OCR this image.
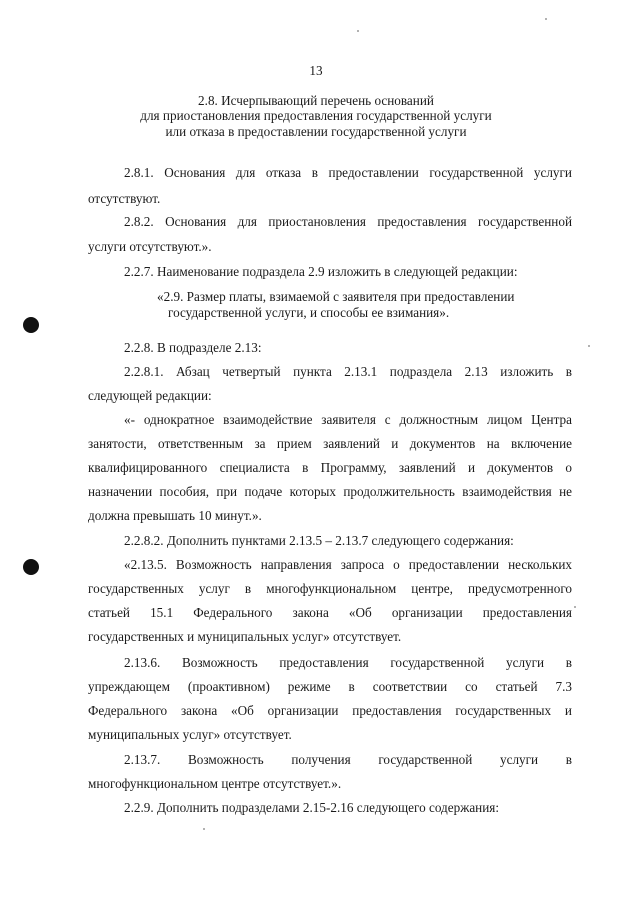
13
2.8. Исчерпывающий перечень оснований
для приостановления предоставления государственной услуги
или отказа в предоставлении государственной услуги
2.8.1. Основания для отказа в предоставлении государственной услуги
отсутствуют.
2.8.2. Основания для приостановления предоставления государственной
услуги отсутствуют.».
2.2.7. Наименование подраздела 2.9 изложить в следующей редакции:
«2.9. Размер платы, взимаемой с заявителя при предоставлении
государственной услуги, и способы ее взимания».
2.2.8. В подразделе 2.13:
2.2.8.1. Абзац четвертый пункта 2.13.1 подраздела 2.13 изложить в
следующей редакции:
«- однократное взаимодействие заявителя с должностным лицом Центра
занятости, ответственным за прием заявлений и документов на включение
квалифицированного специалиста в Программу, заявлений и документов о
назначении пособия, при подаче которых продолжительность взаимодействия не
должна превышать 10 минут.».
2.2.8.2. Дополнить пунктами 2.13.5 – 2.13.7 следующего содержания:
«2.13.5. Возможность направления запроса о предоставлении нескольких
государственных услуг в многофункциональном центре, предусмотренного
статьей 15.1 Федерального закона «Об организации предоставления
государственных и муниципальных услуг» отсутствует.
2.13.6. Возможность предоставления государственной услуги в
упреждающем (проактивном) режиме в соответствии со статьей 7.3
Федерального закона «Об организации предоставления государственных и
муниципальных услуг» отсутствует.
2.13.7. Возможность получения государственной услуги в
многофункциональном центре отсутствует.».
2.2.9. Дополнить подразделами 2.15-2.16 следующего содержания:
